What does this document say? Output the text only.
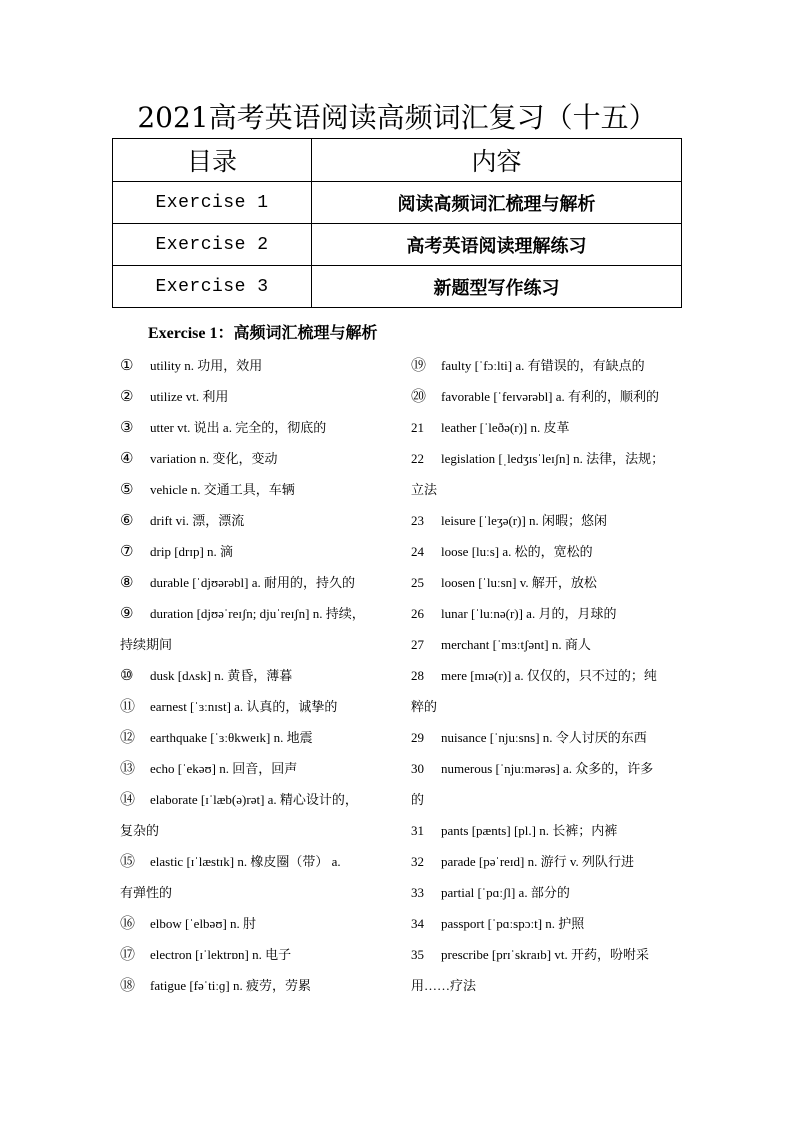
2021高考英语阅读高频词汇复习（十五）
目录	内容
Exercise 1	阅读高频词汇梳理与解析
Exercise 2	高考英语阅读理解练习
Exercise 3	新题型写作练习
Exercise 1：高频词汇梳理与解析
① utility n. 功用，效用
② utilize vt. 利用
③ utter vt. 说出 a. 完全的，彻底的
④ variation n. 变化，变动
⑤ vehicle n. 交通工具，车辆
⑥ drift vi. 漂，漂流
⑦ drip [drɪp] n. 滴
⑧ durable [ˈdjʊərəbl] a. 耐用的，持久的
⑨ duration [djʊəˈreɪʃn; djuˈreɪʃn] n. 持续，
持续期间
⑩ dusk [dʌsk] n. 黄昏，薄暮
⑪ earnest [ˈɜːnɪst] a. 认真的，诚挚的
⑫ earthquake [ˈɜːθkweɪk] n. 地震
⑬ echo [ˈekəʊ] n. 回音，回声
⑭ elaborate [ɪˈlæb(ə)rət] a. 精心设计的，
复杂的
⑮ elastic [ɪˈlæstɪk] n. 橡皮圈（带） a.
有弹性的
⑯ elbow [ˈelbəʊ] n. 肘
⑰ electron [ɪˈlektrɒn] n. 电子
⑱ fatigue [fəˈtiːɡ] n. 疲劳，劳累
⑲ faulty [ˈfɔːlti] a. 有错误的，有缺点的
⑳ favorable [ˈfeɪvərəbl] a. 有利的，顺利的
21 leather [ˈleðə(r)] n. 皮革
22 legislation [ˌledʒɪsˈleɪʃn] n. 法律，法规；
立法
23 leisure [ˈleʒə(r)] n. 闲暇；悠闲
24 loose [luːs] a. 松的，宽松的
25 loosen [ˈluːsn] v. 解开，放松
26 lunar [ˈluːnə(r)] a. 月的，月球的
27 merchant [ˈmɜːtʃənt] n. 商人
28 mere [mɪə(r)] a. 仅仅的，只不过的；纯
粹的
29 nuisance [ˈnjuːsns] n. 令人讨厌的东西
30 numerous [ˈnjuːmərəs] a. 众多的，许多
的
31 pants [pænts] [pl.] n. 长裤；内裤
32 parade [pəˈreɪd] n. 游行 v. 列队行进
33 partial [ˈpɑːʃl] a. 部分的
34 passport [ˈpɑːspɔːt] n. 护照
35 prescribe [prɪˈskraɪb] vt. 开药，吩咐采
用……疗法
